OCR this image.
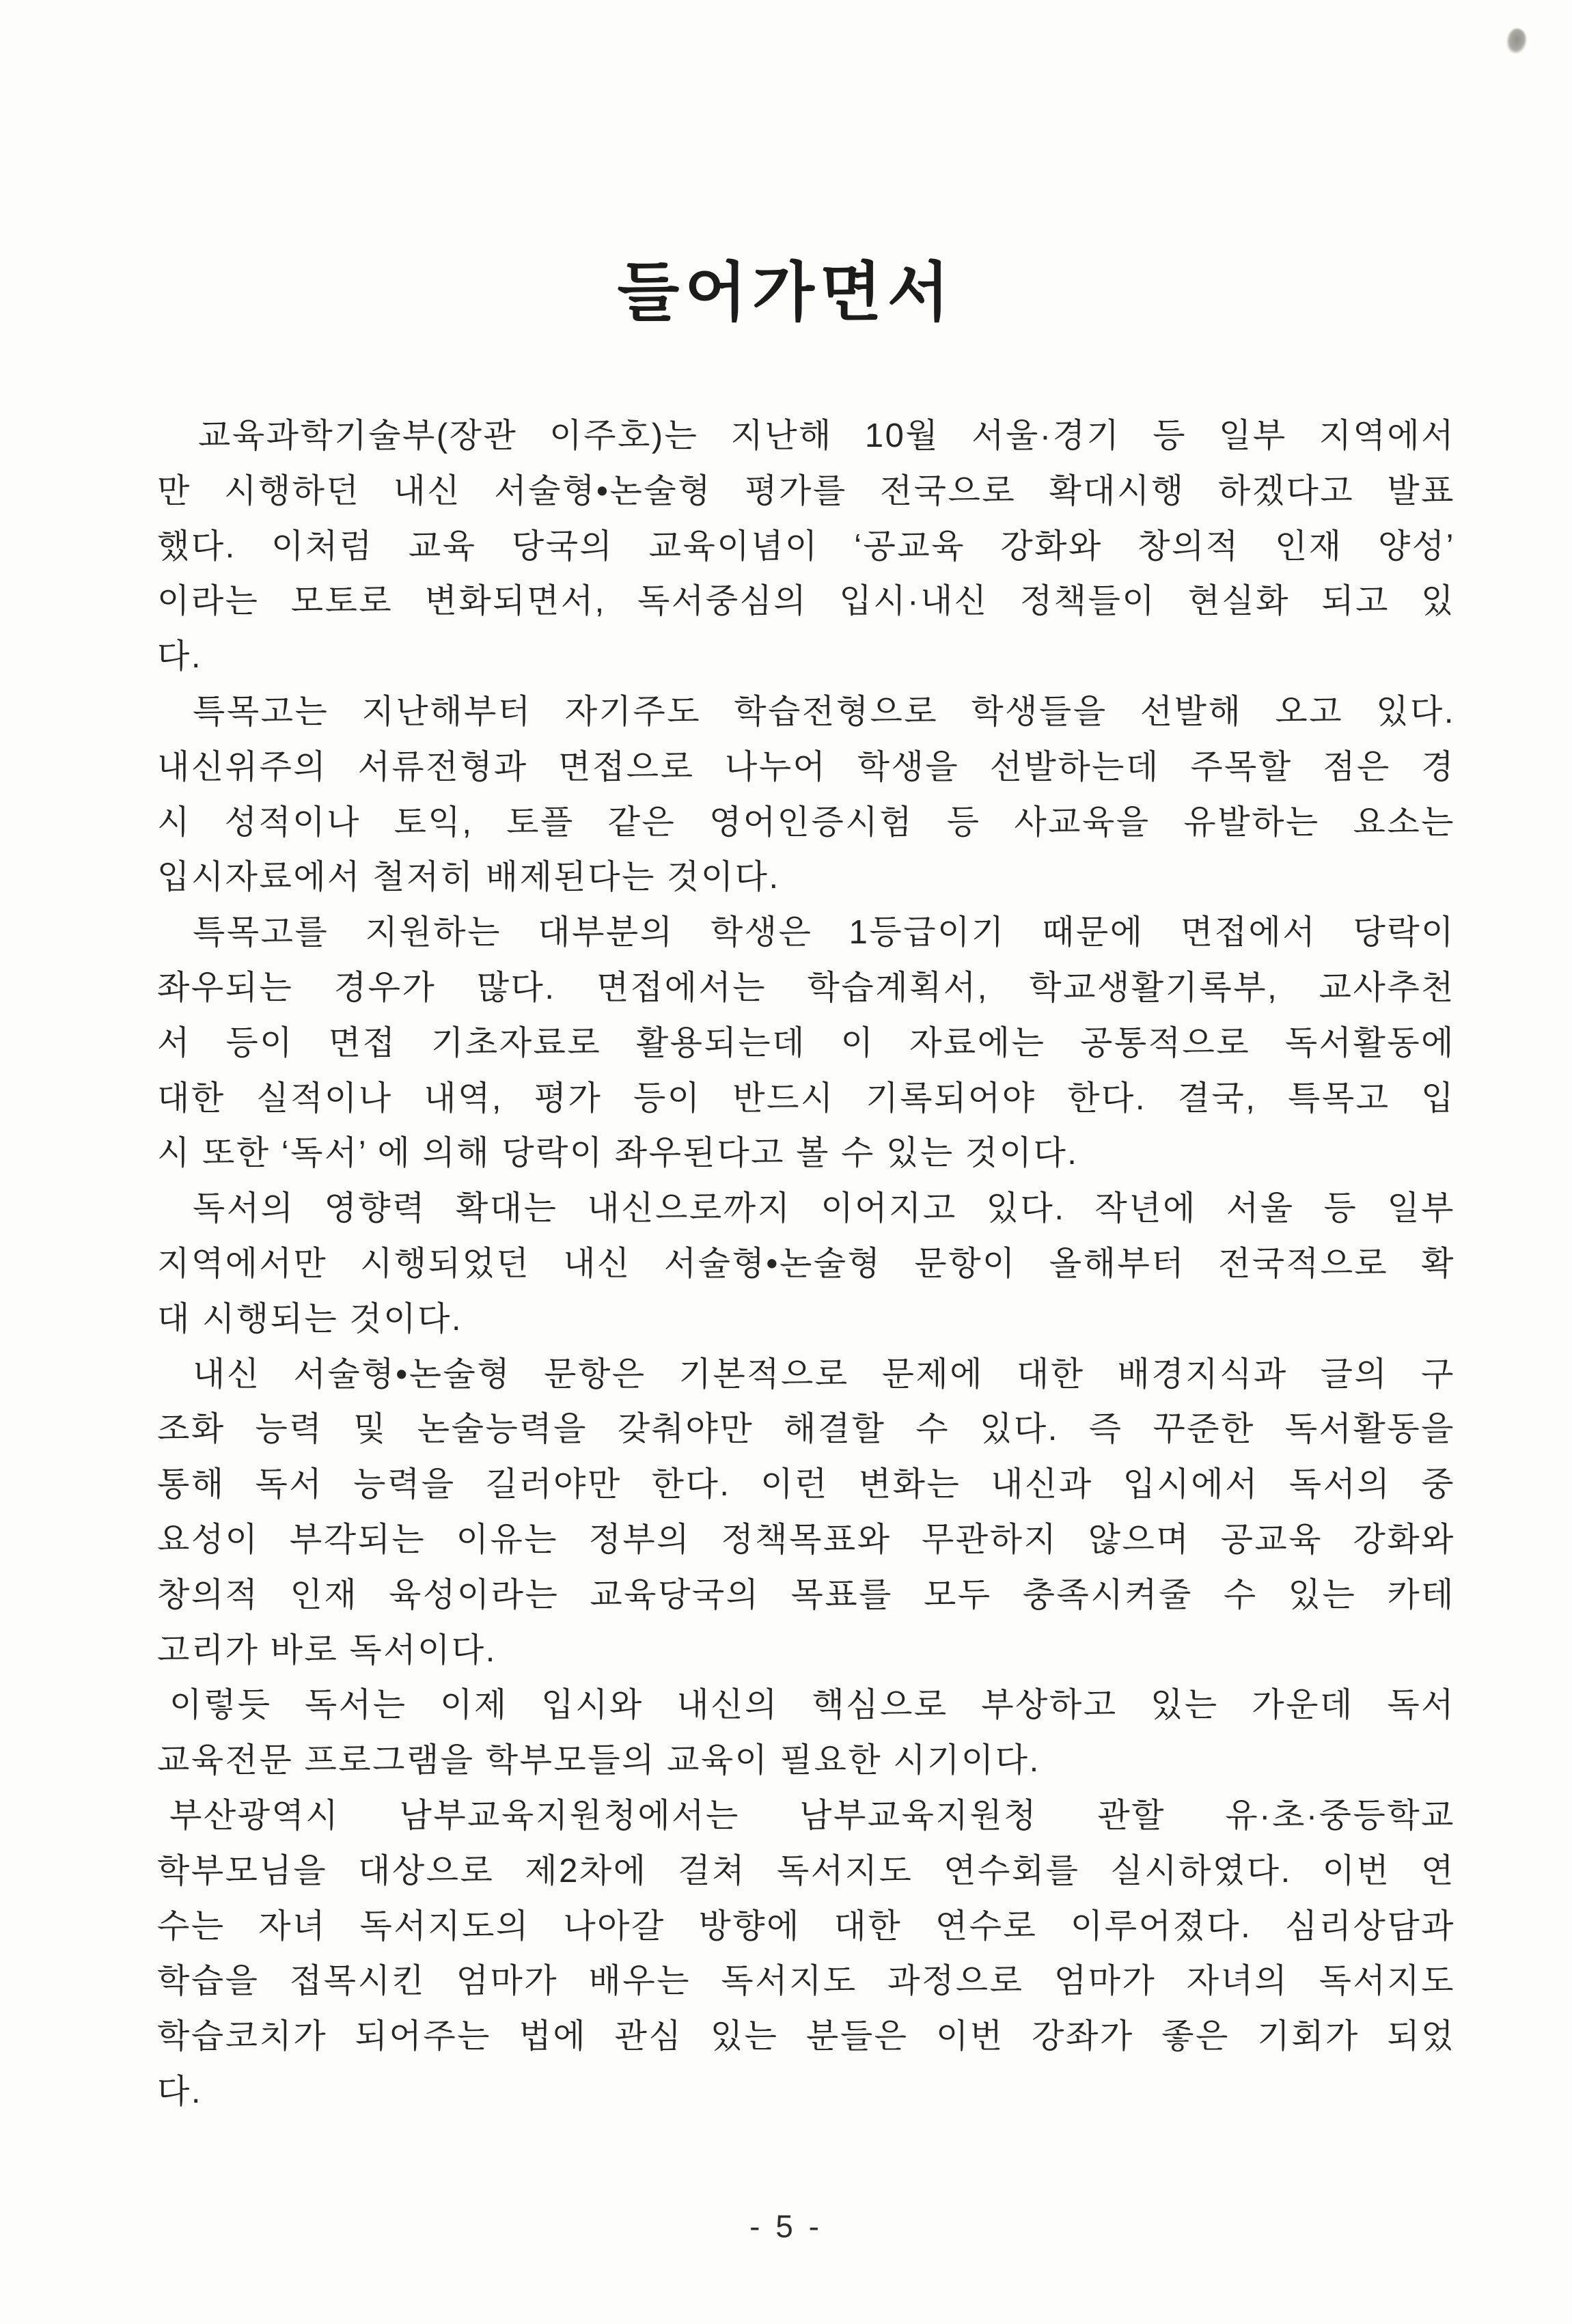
들어가면서
교육과학기술부(장관 이주호)는 지난해 10월 서울·경기 등 일부 지역에서
만 시행하던 내신 서술형•논술형 평가를 전국으로 확대시행 하겠다고 발표
했다. 이처럼 교육 당국의 교육이념이 ‘공교육 강화와 창의적 인재 양성’
이라는 모토로 변화되면서, 독서중심의 입시·내신 정책들이 현실화 되고 있
다.
특목고는 지난해부터 자기주도 학습전형으로 학생들을 선발해 오고 있다.
내신위주의 서류전형과 면접으로 나누어 학생을 선발하는데 주목할 점은 경
시 성적이나 토익, 토플 같은 영어인증시험 등 사교육을 유발하는 요소는
입시자료에서 철저히 배제된다는 것이다.
특목고를 지원하는 대부분의 학생은 1등급이기 때문에 면접에서 당락이
좌우되는 경우가 많다. 면접에서는 학습계획서, 학교생활기록부, 교사추천
서 등이 면접 기초자료로 활용되는데 이 자료에는 공통적으로 독서활동에
대한 실적이나 내역, 평가 등이 반드시 기록되어야 한다. 결국, 특목고 입
시 또한 ‘독서’ 에 의해 당락이 좌우된다고 볼 수 있는 것이다.
독서의 영향력 확대는 내신으로까지 이어지고 있다. 작년에 서울 등 일부
지역에서만 시행되었던 내신 서술형•논술형 문항이 올해부터 전국적으로 확
대 시행되는 것이다.
내신 서술형•논술형 문항은 기본적으로 문제에 대한 배경지식과 글의 구
조화 능력 및 논술능력을 갖춰야만 해결할 수 있다. 즉 꾸준한 독서활동을
통해 독서 능력을 길러야만 한다. 이런 변화는 내신과 입시에서 독서의 중
요성이 부각되는 이유는 정부의 정책목표와 무관하지 않으며 공교육 강화와
창의적 인재 육성이라는 교육당국의 목표를 모두 충족시켜줄 수 있는 카테
고리가 바로 독서이다.
이렇듯 독서는 이제 입시와 내신의 핵심으로 부상하고 있는 가운데 독서
교육전문 프로그램을 학부모들의 교육이 필요한 시기이다.
부산광역시 남부교육지원청에서는 남부교육지원청 관할 유·초·중등학교
학부모님을 대상으로 제2차에 걸쳐 독서지도 연수회를 실시하였다. 이번 연
수는 자녀 독서지도의 나아갈 방향에 대한 연수로 이루어졌다. 심리상담과
학습을 접목시킨 엄마가 배우는 독서지도 과정으로 엄마가 자녀의 독서지도
학습코치가 되어주는 법에 관심 있는 분들은 이번 강좌가 좋은 기회가 되었
다.
- 5 -
